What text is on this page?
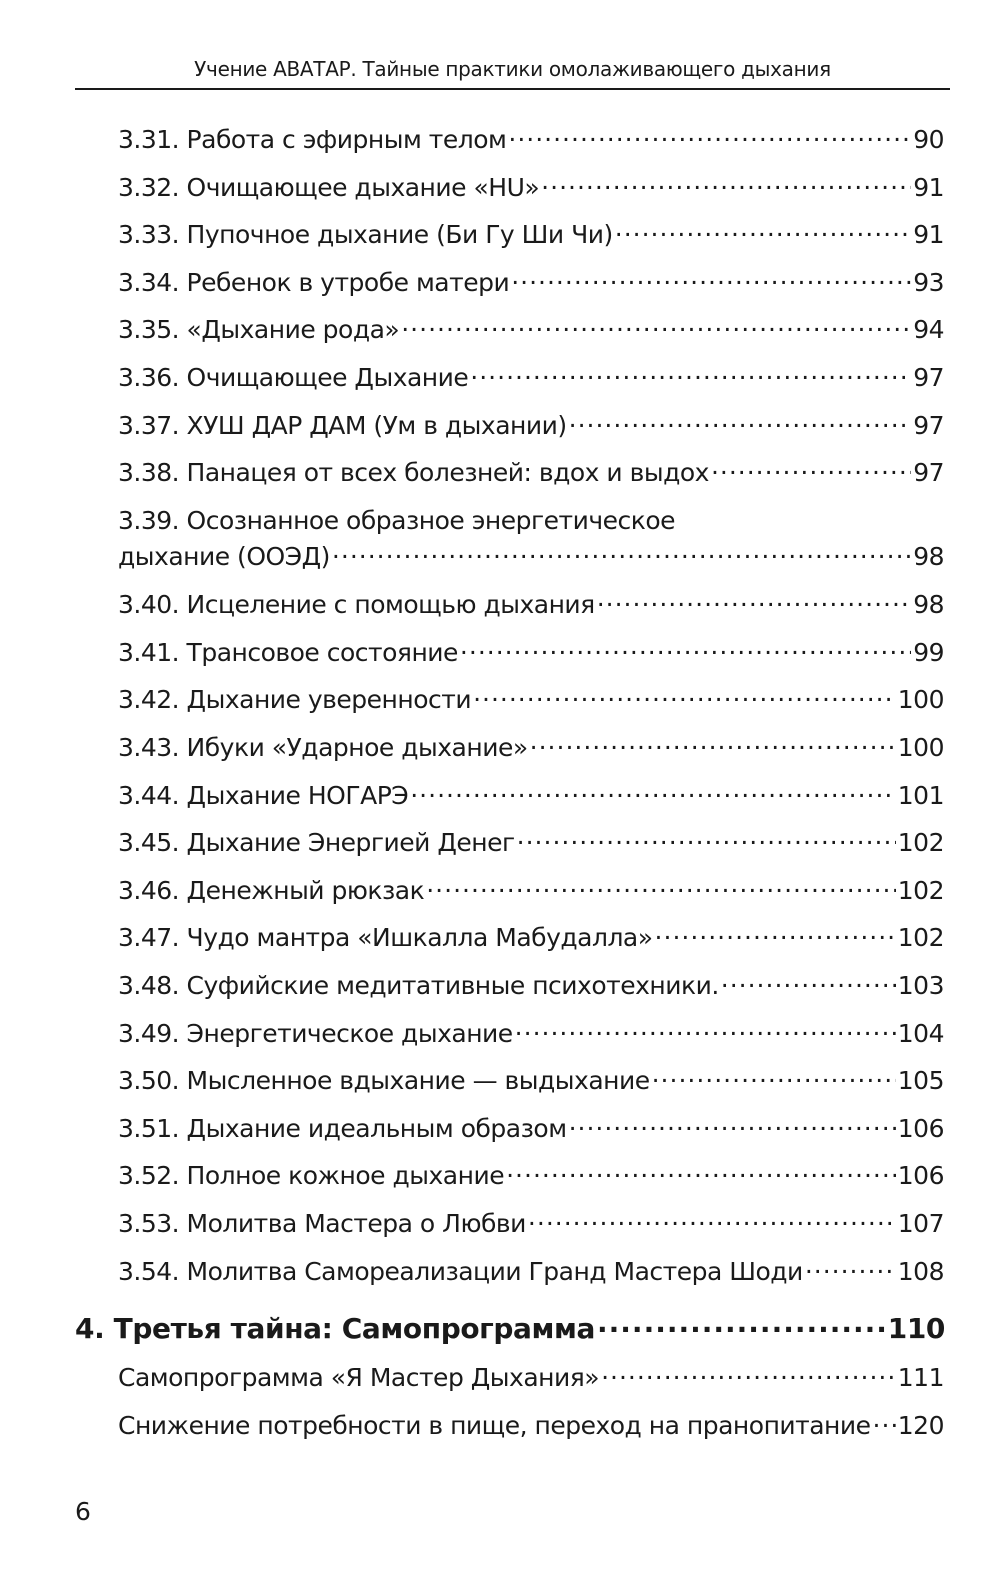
Учение АВАТАР. Тайные практики омолаживающего дыхания
3.31. Работа с эфирным телом .....	90
3.32. Очищающее дыхание «HU» .....	91
3.33. Пупочное дыхание (Би Гу Ши Чи) .....	91
3.34. Ребенок в утробе матери .....	93
3.35. «Дыхание рода» .....	94
3.36. Очищающее Дыхание .....	97
3.37. ХУШ ДАР ДАМ (Ум в дыхании) .....	97
3.38. Панацея от всех болезней: вдох и выдох .....	97
3.39. Осознанное образное энергетическое
дыхание (ООЭД) .....	98
3.40. Исцеление с помощью дыхания .....	98
3.41. Трансовое состояние .....	99
3.42. Дыхание уверенности .....	100
3.43. Ибуки «Ударное дыхание» .....	100
3.44. Дыхание НОГАРЭ .....	101
3.45. Дыхание Энергией Денег .....	102
3.46. Денежный рюкзак .....	102
3.47. Чудо мантра «Ишкалла Мабудалла» .....	102
3.48. Суфийские медитативные психотехники. .....	103
3.49. Энергетическое дыхание .....	104
3.50. Мысленное вдыхание — выдыхание .....	105
3.51. Дыхание идеальным образом .....	106
3.52. Полное кожное дыхание .....	106
3.53. Молитва Мастера о Любви .....	107
3.54. Молитва Самореализации Гранд Мастера Шоди .....	108
4. Третья тайна: Самопрограмма .....	110
Самопрограмма «Я Мастер Дыхания» .....	111
Снижение потребности в пище, переход на пранопитание ..... 120
6
